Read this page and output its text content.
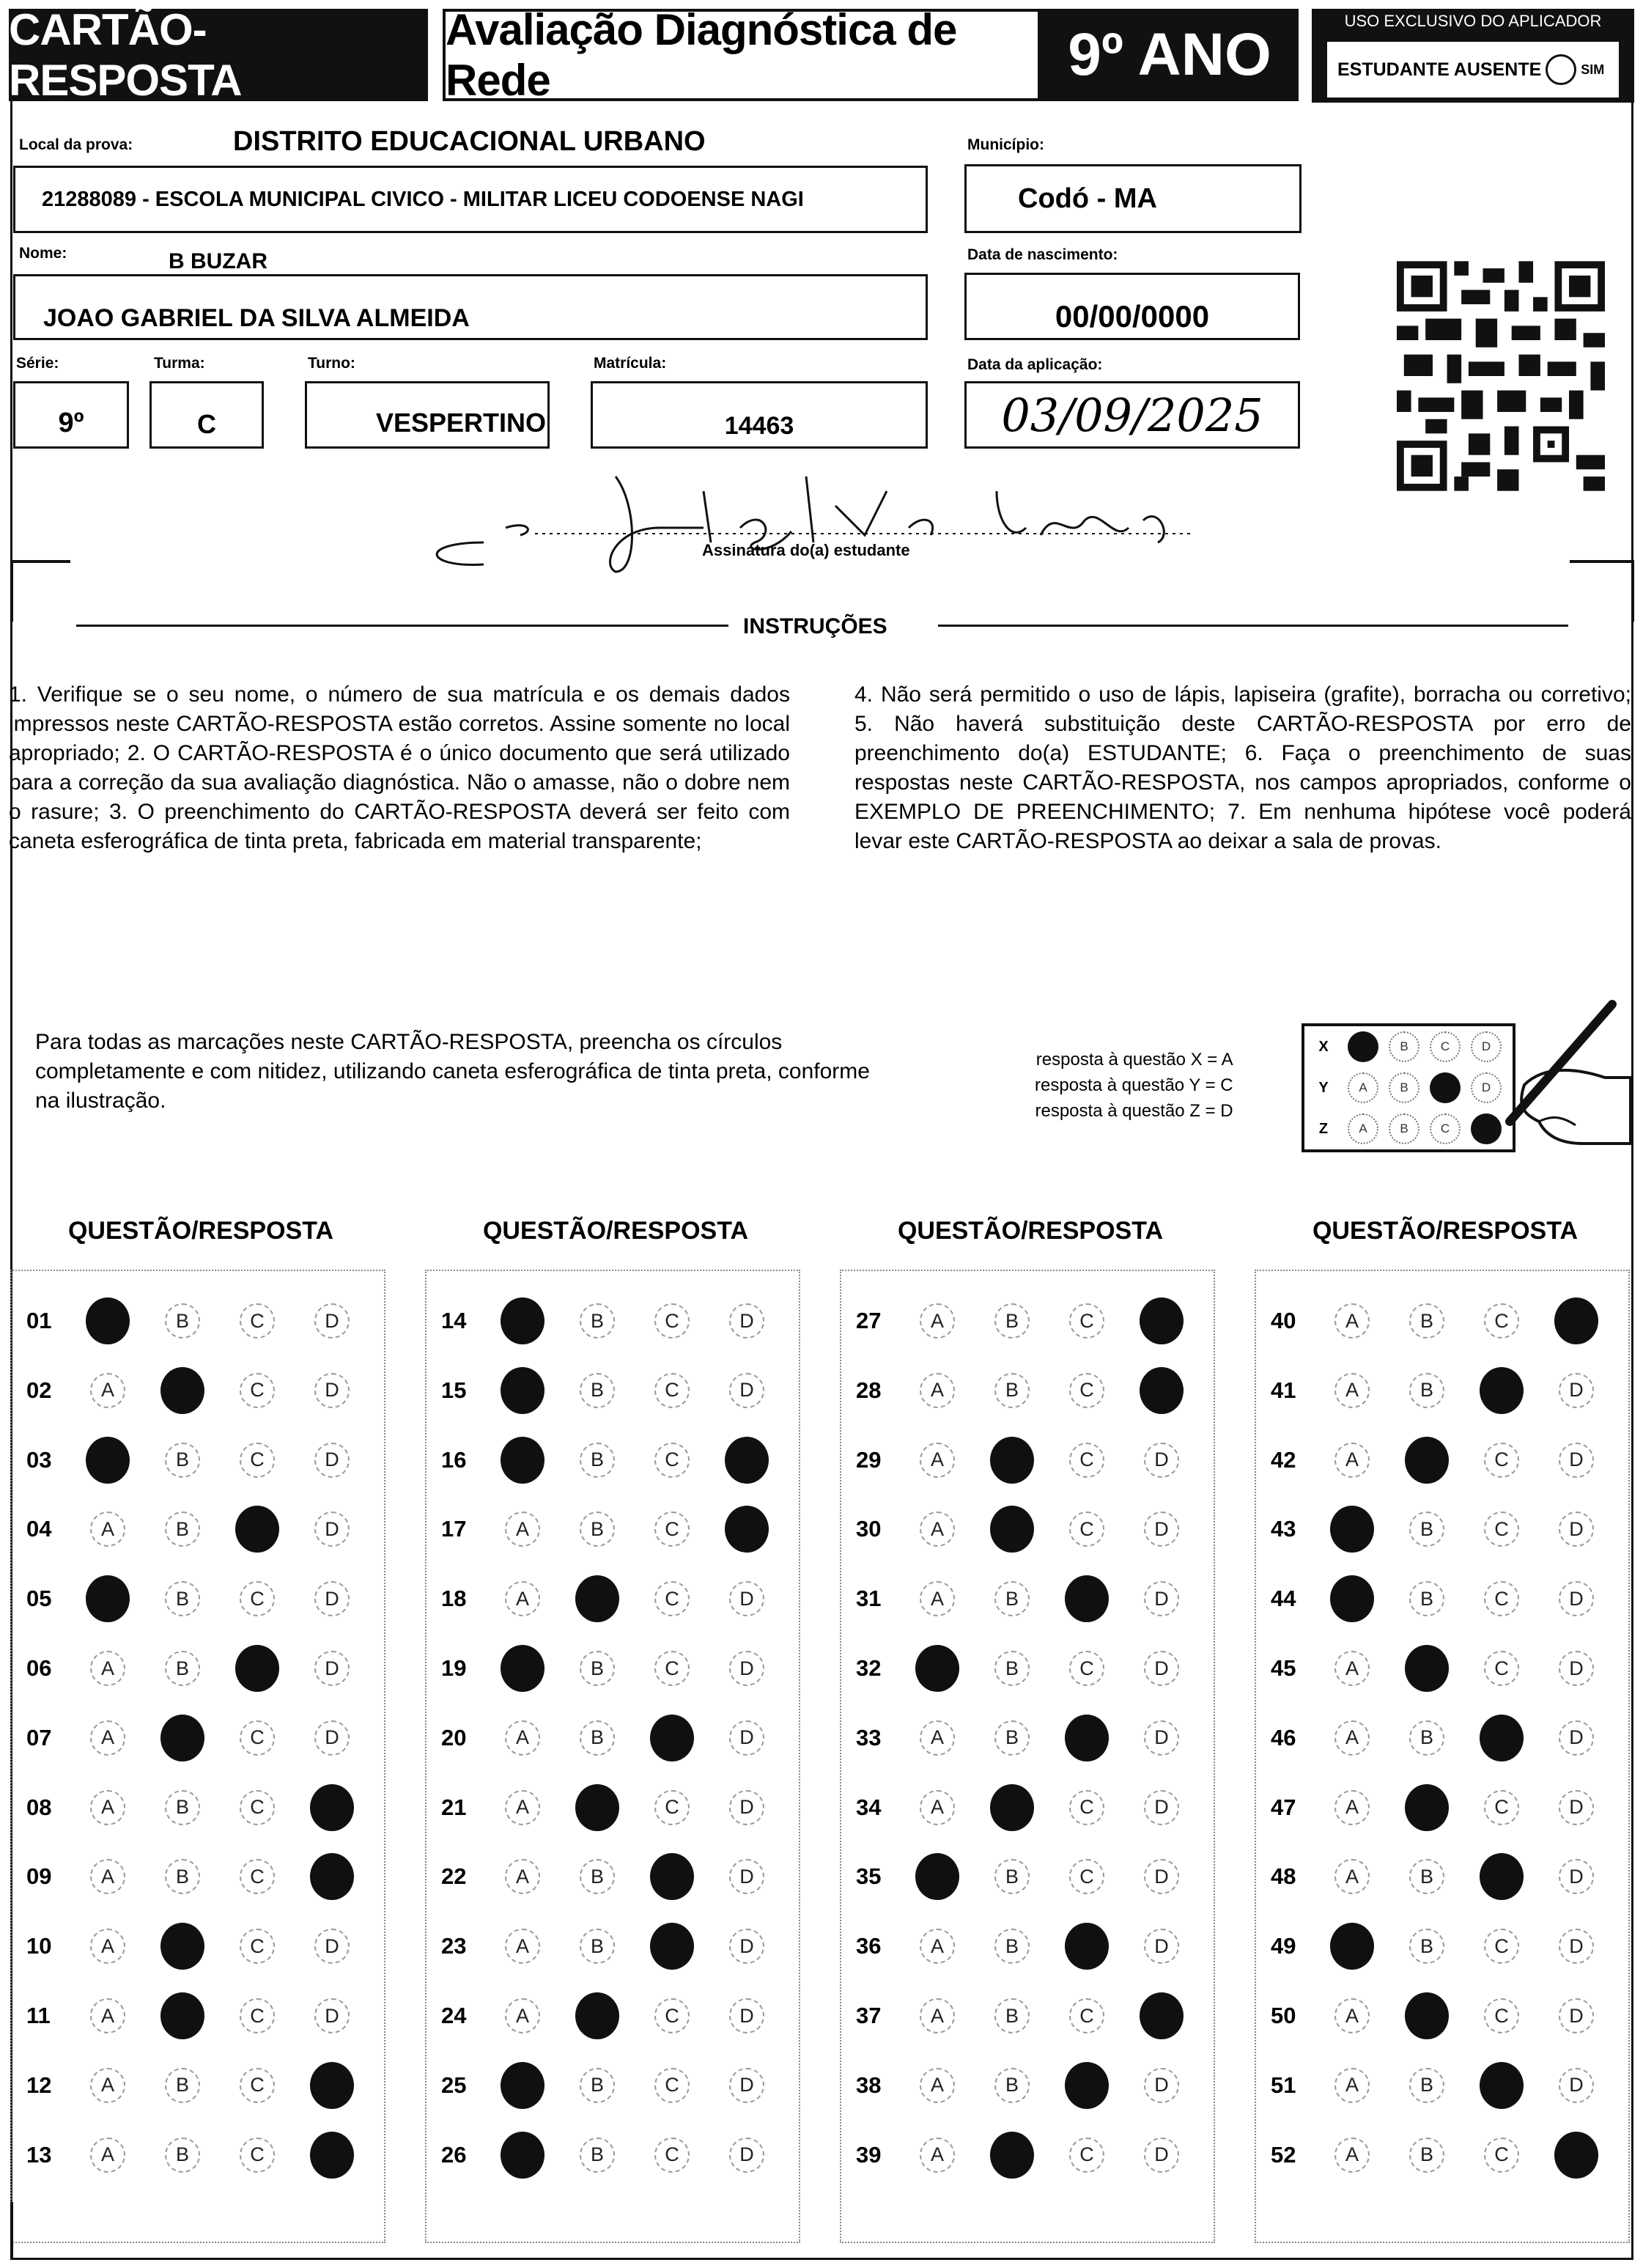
CARTÃO-RESPOSTA
Avaliação Diagnóstica de Rede	9º ANO
USO EXCLUSIVO DO APLICADOR
ESTUDANTE AUSENTE	SIM
Local da prova:	DISTRITO EDUCACIONAL URBANO	Município:
21288089 - ESCOLA MUNICIPAL CIVICO - MILITAR LICEU CODOENSE NAGI	Codó - MA
Nome:	B BUZAR	Data de nascimento:
JOAO GABRIEL DA SILVA ALMEIDA	00/00/0000
Série:	Turma:	Turno:	Matrícula:	Data da aplicação:
9º	C	VESPERTINO	14463	03/09/2025
Assinatura do(a) estudante
INSTRUÇÕES
1. Verifique se o seu nome, o número de sua matrícula e os demais dados impressos neste CARTÃO-RESPOSTA estão corretos. Assine somente no local apropriado; 2. O CARTÃO-RESPOSTA é o único documento que será utilizado para a correção da sua avaliação diagnóstica. Não o amasse, não o dobre nem o rasure; 3. O preenchimento do CARTÃO-RESPOSTA deverá ser feito com caneta esferográfica de tinta preta, fabricada em material transparente;
4. Não será permitido o uso de lápis, lapiseira (grafite), borracha ou corretivo; 5. Não haverá substituição deste CARTÃO-RESPOSTA por erro de preenchimento do(a) ESTUDANTE; 6. Faça o preenchimento de suas respostas neste CARTÃO-RESPOSTA, nos campos apropriados, conforme o EXEMPLO DE PREENCHIMENTO; 7. Em nenhuma hipótese você poderá levar este CARTÃO-RESPOSTA ao deixar a sala de provas.
Para todas as marcações neste CARTÃO-RESPOSTA, preencha os círculos completamente e com nitidez, utilizando caneta esferográfica de tinta preta, conforme na ilustração.
resposta à questão X = A
resposta à questão Y = C
resposta à questão Z = D
X	B	C	D
Y	A	B	D
Z	A	B	C
QUESTÃO/RESPOSTA
01	B	C	D
02	A	C	D
03	B	C	D
04	A	B	D
05	B	C	D
06	A	B	D
07	A	C	D
08	A	B	C
09	A	B	C
10	A	C	D
11	A	C	D
12	A	B	C
13	A	B	C
QUESTÃO/RESPOSTA
14	B	C	D
15	B	C	D
16	B	C
17	A	B	C
18	A	C	D
19	B	C	D
20	A	B	D
21	A	C	D
22	A	B	D
23	A	B	D
24	A	C	D
25	B	C	D
26	B	C	D
QUESTÃO/RESPOSTA
27	A	B	C
28	A	B	C
29	A	C	D
30	A	C	D
31	A	B	D
32	B	C	D
33	A	B	D
34	A	C	D
35	B	C	D
36	A	B	D
37	A	B	C
38	A	B	D
39	A	C	D
QUESTÃO/RESPOSTA
40	A	B	C
41	A	B	D
42	A	C	D
43	B	C	D
44	B	C	D
45	A	C	D
46	A	B	D
47	A	C	D
48	A	B	D
49	B	C	D
50	A	C	D
51	A	B	D
52	A	B	C
